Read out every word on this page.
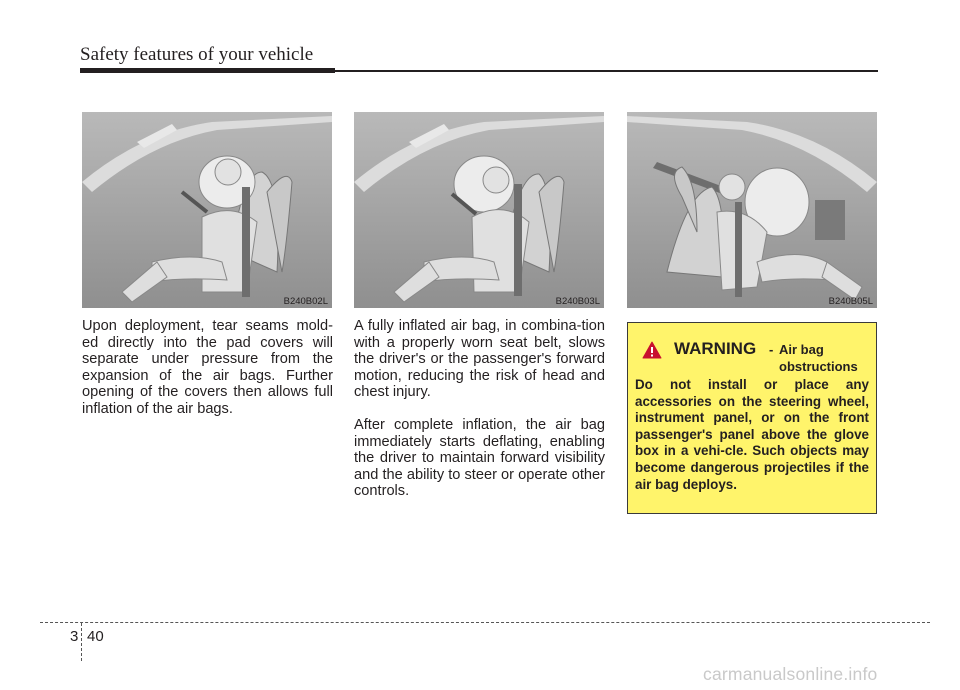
Safety features of your vehicle
B240B02L	B240B03L	B240B05L

Upon deployment, tear seams mold-ed directly into the pad covers will separate under pressure from the expansion of the air bags. Further opening of the covers then allows full inflation of the air bags.

A fully inflated air bag, in combina-tion with a properly worn seat belt, slows the driver's or the passenger's forward motion, reducing the risk of head and chest injury.

After complete inflation, the air bag immediately starts deflating, enabling the driver to maintain forward visibility and the ability to steer or operate other controls.

WARNING - Air bag
obstructions

Do not install or place any accessories on the steering wheel, instrument panel, or on the front passenger's panel above the glove box in a vehi-cle. Such objects may become dangerous projectiles if the air bag deploys.

3 40
carmanualsonline.info
